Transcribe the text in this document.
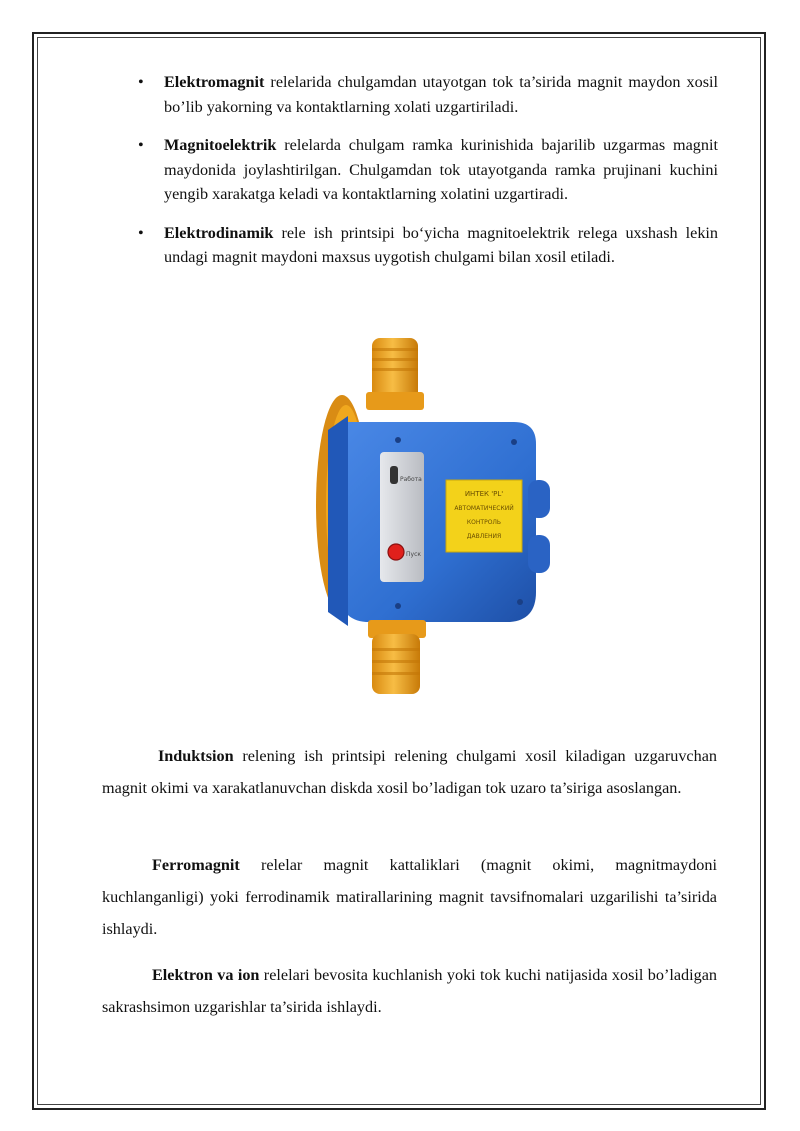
• Elektromagnit relelarida chulgamdan utayotgan tok ta’sirida magnit maydon xosil bo’lib yakorning va kontaktlarning xolati uzgartiriladi.
• Magnitoelektrik relelarda chulgam ramka kurinishida bajarilib uzgarmas magnit maydonida joylashtirilgan. Chulgamdan tok utayotganda ramka prujinani kuchini yengib xarakatga keladi va kontaktlarning xolatini uzgartiradi.
• Elektrodinamik rele ish printsipi bo‘yicha magnitoelektrik relega uxshash lekin undagi magnit maydoni maxsus uygotish chulgami bilan xosil etiladi.
Работа
Пуск
ИНТЕК 'PL'
АВТОМАТИЧЕСКИЙ
КОНТРОЛЬ
ДАВЛЕНИЯ

Induktsion relening ish printsipi relening chulgami xosil kiladigan uzgaruvchan magnit okimi va xarakatlanuvchan diskda xosil bo’ladigan tok uzaro ta’siriga asoslangan.

Ferromagnit relelar magnit kattaliklari (magnit okimi, magnitmaydoni kuchlanganligi) yoki ferrodinamik matirallarining magnit tavsifnomalari uzgarilishi ta’sirida ishlaydi.

Elektron va ion relelari bevosita kuchlanish yoki tok kuchi natijasida xosil bo’ladigan sakrashsimon uzgarishlar ta’sirida ishlaydi.
